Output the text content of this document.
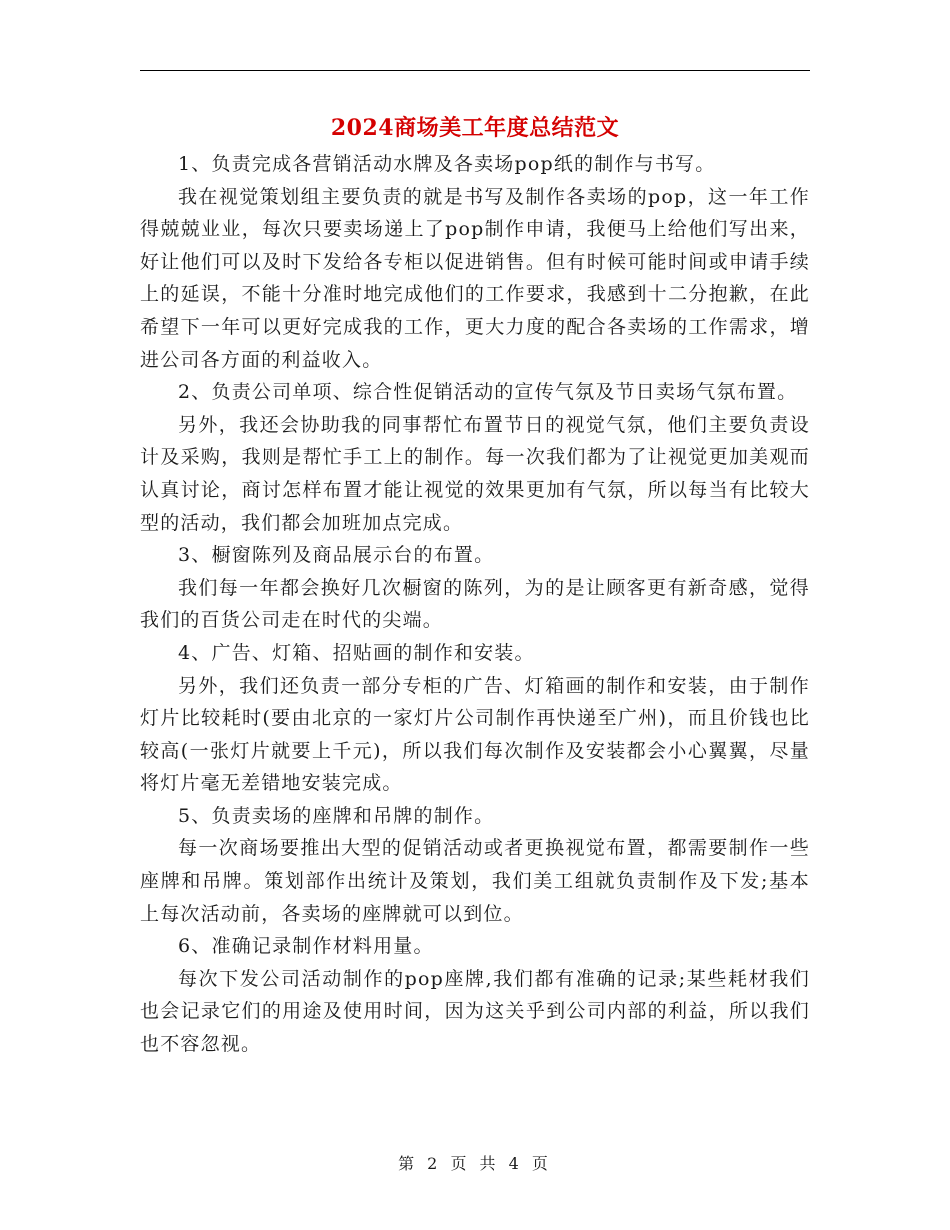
2024商场美工年度总结范文

1、负责完成各营销活动水牌及各卖场pop纸的制作与书写。

我在视觉策划组主要负责的就是书写及制作各卖场的pop，这一年工作得兢兢业业，每次只要卖场递上了pop制作申请，我便马上给他们写出来，好让他们可以及时下发给各专柜以促进销售。但有时候可能时间或申请手续上的延误，不能十分准时地完成他们的工作要求，我感到十二分抱歉，在此希望下一年可以更好完成我的工作，更大力度的配合各卖场的工作需求，增进公司各方面的利益收入。

2、负责公司单项、综合性促销活动的宣传气氛及节日卖场气氛布置。

另外，我还会协助我的同事帮忙布置节日的视觉气氛，他们主要负责设计及采购，我则是帮忙手工上的制作。每一次我们都为了让视觉更加美观而认真讨论，商讨怎样布置才能让视觉的效果更加有气氛，所以每当有比较大型的活动，我们都会加班加点完成。

3、橱窗陈列及商品展示台的布置。

我们每一年都会换好几次橱窗的陈列，为的是让顾客更有新奇感，觉得我们的百货公司走在时代的尖端。

4、广告、灯箱、招贴画的制作和安装。

另外，我们还负责一部分专柜的广告、灯箱画的制作和安装，由于制作灯片比较耗时(要由北京的一家灯片公司制作再快递至广州)，而且价钱也比较高(一张灯片就要上千元)，所以我们每次制作及安装都会小心翼翼，尽量将灯片毫无差错地安装完成。

5、负责卖场的座牌和吊牌的制作。

每一次商场要推出大型的促销活动或者更换视觉布置，都需要制作一些座牌和吊牌。策划部作出统计及策划，我们美工组就负责制作及下发;基本上每次活动前，各卖场的座牌就可以到位。

6、准确记录制作材料用量。

每次下发公司活动制作的pop座牌,我们都有准确的记录;某些耗材我们也会记录它们的用途及使用时间，因为这关乎到公司内部的利益，所以我们也不容忽视。

第 2 页 共 4 页
